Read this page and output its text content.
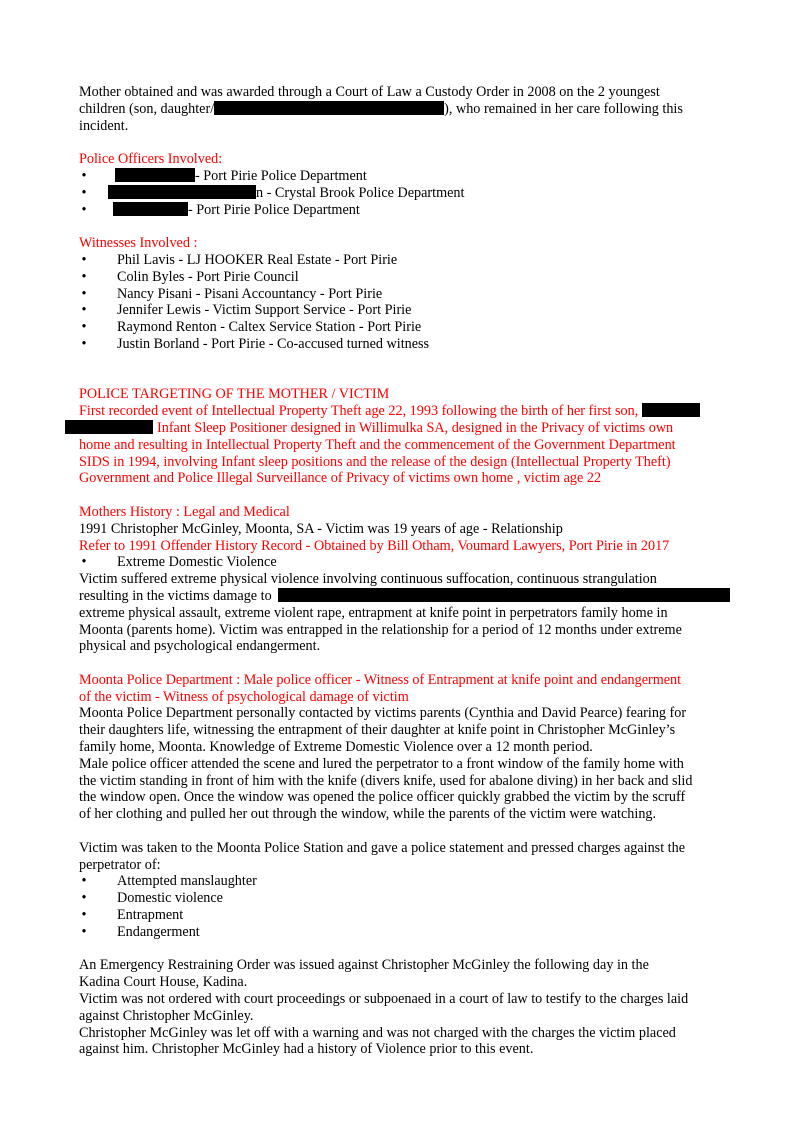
Mother obtained and was awarded through a Court of Law a Custody Order in 2008 on the 2 youngest

children (son, daughter/	), who remained in her care following this

incident.

Police Officers Involved:

•	- Port Pirie Police Department
•	n - Crystal Brook Police Department
•	- Port Pirie Police Department

Witnesses Involved :

• Phil Lavis - LJ HOOKER Real Estate - Port Pirie
• Colin Byles - Port Pirie Council
• Nancy Pisani - Pisani Accountancy - Port Pirie
• Jennifer Lewis - Victim Support Service - Port Pirie
• Raymond Renton - Caltex Service Station - Port Pirie
• Justin Borland - Port Pirie - Co-accused turned witness

POLICE TARGETING OF THE MOTHER / VICTIM

First recorded event of Intellectual Property Theft age 22, 1993 following the birth of her first son,

Infant Sleep Positioner designed in Willimulka SA, designed in the Privacy of victims own

home and resulting in Intellectual Property Theft and the commencement of the Government Department

SIDS in 1994, involving Infant sleep positions and the release of the design (Intellectual Property Theft)

Government and Police Illegal Surveillance of Privacy of victims own home , victim age 22

Mothers History : Legal and Medical

1991 Christopher McGinley, Moonta, SA - Victim was 19 years of age - Relationship

Refer to 1991 Offender History Record - Obtained by Bill Otham, Voumard Lawyers, Port Pirie in 2017

• Extreme Domestic Violence

Victim suffered extreme physical violence involving continuous suffocation, continuous strangulation

resulting in the victims damage to

extreme physical assault, extreme violent rape, entrapment at knife point in perpetrators family home in

Moonta (parents home). Victim was entrapped in the relationship for a period of 12 months under extreme

physical and psychological endangerment.

Moonta Police Department : Male police officer - Witness of Entrapment at knife point and endangerment

of the victim - Witness of psychological damage of victim

Moonta Police Department personally contacted by victims parents (Cynthia and David Pearce) fearing for

their daughters life, witnessing the entrapment of their daughter at knife point in Christopher McGinley’s

family home, Moonta. Knowledge of Extreme Domestic Violence over a 12 month period.

Male police officer attended the scene and lured the perpetrator to a front window of the family home with

the victim standing in front of him with the knife (divers knife, used for abalone diving) in her back and slid

the window open. Once the window was opened the police officer quickly grabbed the victim by the scruff

of her clothing and pulled her out through the window, while the parents of the victim were watching.

Victim was taken to the Moonta Police Station and gave a police statement and pressed charges against the

perpetrator of:

• Attempted manslaughter
• Domestic violence
• Entrapment
• Endangerment

An Emergency Restraining Order was issued against Christopher McGinley the following day in the

Kadina Court House, Kadina.

Victim was not ordered with court proceedings or subpoenaed in a court of law to testify to the charges laid

against Christopher McGinley.

Christopher McGinley was let off with a warning and was not charged with the charges the victim placed

against him. Christopher McGinley had a history of Violence prior to this event.
